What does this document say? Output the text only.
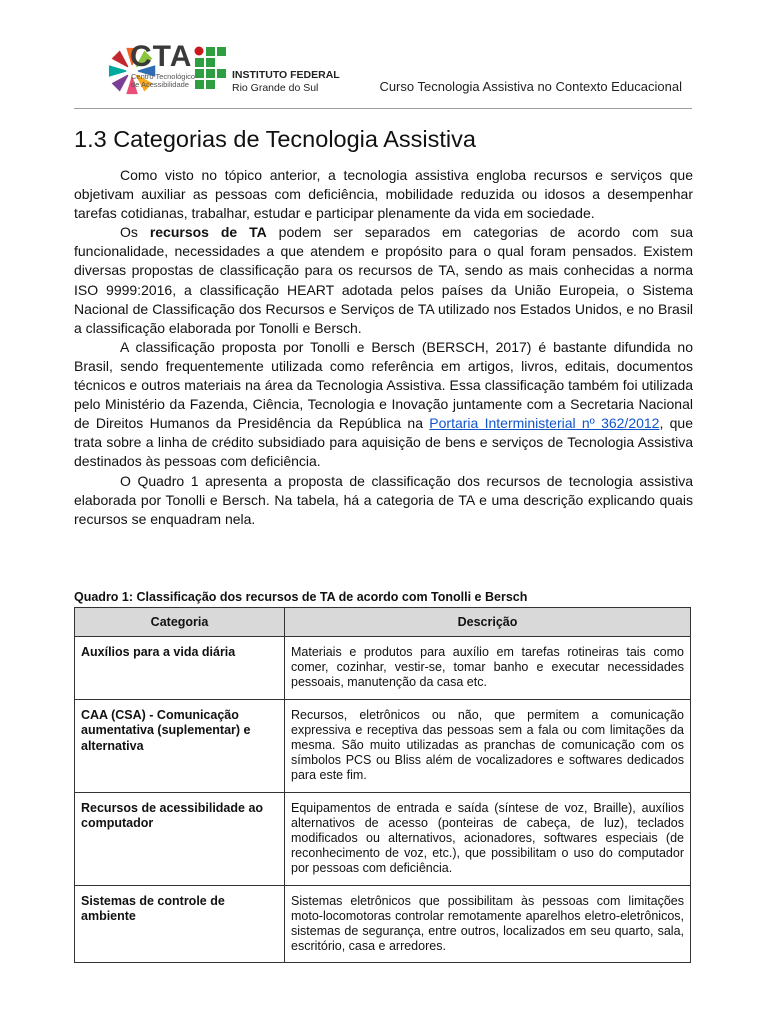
CTA
Centro Tecnológico de Acessibilidade
INSTITUTO FEDERAL
Rio Grande do Sul	Curso Tecnologia Assistiva no Contexto Educacional
1.3 Categorias de Tecnologia Assistiva

Como visto no tópico anterior, a tecnologia assistiva engloba recursos e serviços que objetivam auxiliar as pessoas com deficiência, mobilidade reduzida ou idosos a desempenhar tarefas cotidianas, trabalhar, estudar e participar plenamente da vida em sociedade.

Os recursos de TA podem ser separados em categorias de acordo com sua funcionalidade, necessidades a que atendem e propósito para o qual foram pensados. Existem diversas propostas de classificação para os recursos de TA, sendo as mais conhecidas a norma ISO 9999:2016, a classificação HEART adotada pelos países da União Europeia, o Sistema Nacional de Classificação dos Recursos e Serviços de TA utilizado nos Estados Unidos, e no Brasil a classificação elaborada por Tonolli e Bersch.

A classificação proposta por Tonolli e Bersch (BERSCH, 2017) é bastante difundida no Brasil, sendo frequentemente utilizada como referência em artigos, livros, editais, documentos técnicos e outros materiais na área da Tecnologia Assistiva. Essa classificação também foi utilizada pelo Ministério da Fazenda, Ciência, Tecnologia e Inovação juntamente com a Secretaria Nacional de Direitos Humanos da Presidência da República na Portaria Interministerial nº 362/2012, que trata sobre a linha de crédito subsidiado para aquisição de bens e serviços de Tecnologia Assistiva destinados às pessoas com deficiência.

O Quadro 1 apresenta a proposta de classificação dos recursos de tecnologia assistiva elaborada por Tonolli e Bersch. Na tabela, há a categoria de TA e uma descrição explicando quais recursos se enquadram nela.

Quadro 1: Classificação dos recursos de TA de acordo com Tonolli e Bersch
Categoria	Descrição
Auxílios para a vida diária	Materiais e produtos para auxílio em tarefas rotineiras tais como comer, cozinhar, vestir-se, tomar banho e executar necessidades pessoais, manutenção da casa etc.
CAA (CSA) - Comunicação aumentativa (suplementar) e alternativa	Recursos, eletrônicos ou não, que permitem a comunicação expressiva e receptiva das pessoas sem a fala ou com limitações da mesma. São muito utilizadas as pranchas de comunicação com os símbolos PCS ou Bliss além de vocalizadores e softwares dedicados para este fim.
Recursos de acessibilidade ao computador	Equipamentos de entrada e saída (síntese de voz, Braille), auxílios alternativos de acesso (ponteiras de cabeça, de luz), teclados modificados ou alternativos, acionadores, softwares especiais (de reconhecimento de voz, etc.), que possibilitam o uso do computador por pessoas com deficiência.
Sistemas de controle de ambiente	Sistemas eletrônicos que possibilitam às pessoas com limitações moto-locomotoras controlar remotamente aparelhos eletro-eletrônicos, sistemas de segurança, entre outros, localizados em seu quarto, sala, escritório, casa e arredores.
